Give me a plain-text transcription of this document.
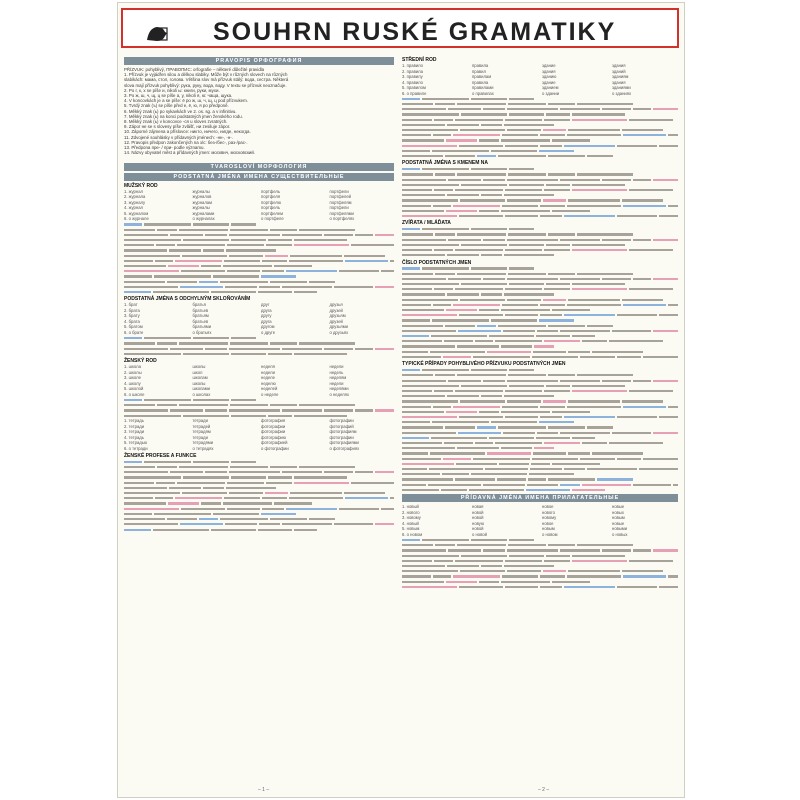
SOUHRN RUSKÉ GRAMATIKY
PRAVOPIS ОРФОГРАФИЯ
PŘÍZVUK: pohyblivý, ПРАВОПИС: orfografie – některé důležité pravidla
1. Přízvuk je vyjádřen silou a délkou slabiky. Může být v různých slovech na různých
slabikách: мама, стол, голова. Většina slov má přízvuk stálý: вода, сестра. Některá
slova mají přízvuk pohyblivý: рука, руку, вода, воду. V textu se přízvuk neoznačuje.
2. Po г, к, х se píše и, nikoli ы: книги, руки, мухи.
3. Po ж, ш, ч, щ, ц se píše а, у, nikoli я, ю: чаща, щука.
4. V koncovkách je a se píše: ё po ж, ш, ч, щ, ц pod přízvukem.
5. Tvrdý znak (ъ) se píše před е, ё, ю, я po předponě.
6. Měkký znak (ь) po sykavkách ve 2. os. sg. a v infinitivu.
7. Měkký znak (ь) na konci podstatných jmen ženského rodu.
8. Měkký znak (ь) v koncovce -ся u sloves zvratných.
9. Zápor не se s slovesy píše zvlášť, ни zesiluje zápor.
10. Záporné zájmena a příslovce: никто, ничего, нигде, некогда.
11. Zdvojené souhlásky v přídavných jménech: -нн-, -н-.
12. Pravopis předpon zakončených na з/с: без-/бес-, раз-/рас-.
13. Předpona пре- / при- podle významu.
14. Názvy obyvatel měst a přídavných jmen: москвич, московский.
TVAROSLOVÍ МОРФОЛОГИЯ
PODSTATNÁ JMÉNA ИМЕНА СУЩЕСТВИТЕЛЬНЫЕ
MUŽSKÝ ROD
1. журнал	журналы	портфель	портфели
2. журнала	журналов	портфеля	портфелей
3. журналу	журналам	портфелю	портфелям
4. журнал	журналы	портфель	портфели
5. журналом	журналами	портфелем	портфелями
6. о журнале	о журналах	о портфеле	о портфелях
PODSTATNÁ JMÉNA S ODCHYLNÝM SKLOŇOVÁNÍM
1. брат	братья	друг	друзья
2. брата	братьев	друга	друзей
3. брату	братьям	другу	друзьям
4. брата	братьев	друга	друзей
5. братом	братьями	другом	друзьями
6. о брате	о братьях	о друге	о друзьях
ŽENSKÝ ROD
1. школа	школы	неделя	недели
2. школы	школ	недели	недель
3. школе	школам	неделе	неделям
4. школу	школы	неделю	недели
5. школой	школами	неделей	неделями
6. о школе	о школах	о неделе	о неделях
1. тетрадь	тетради	фотография	фотографии
2. тетради	тетрадей	фотографии	фотографий
3. тетради	тетрадям	фотографии	фотографиям
4. тетрадь	тетради	фотографию	фотографии
5. тетрадью	тетрадями	фотографией	фотографиями
6. о тетради	о тетрадях	о фотографии	о фотографиях
ŽENSKÉ PROFESE A FUNKCE
STŘEDNÍ ROD
1. правило	правила	здание	здания
2. правила	правил	здания	зданий
3. правилу	правилам	зданию	зданиям
4. правило	правила	здание	здания
5. правилом	правилами	зданием	зданиями
6. о правиле	о правилах	о здании	о зданиях
PODSTATNÁ JMÉNA S KMENEM NA
ZVÍŘATA / MLÁĎATA
ČÍSLO PODSTATNÝCH JMEN
TYPICKÉ PŘÍPADY POHYBLIVÉHO PŘÍZVUKU PODSTATNÝCH JMEN
PŘÍDAVNÁ JMÉNA ИМЕНА ПРИЛАГАТЕЛЬНЫЕ
1. новый	новая	новое	новые
2. нового	новой	нового	новых
3. новому	новой	новому	новым
4. новый	новую	новое	новые
5. новым	новой	новым	новыми
6. о новом	о новой	о новом	о новых
– 1 –	– 2 –
